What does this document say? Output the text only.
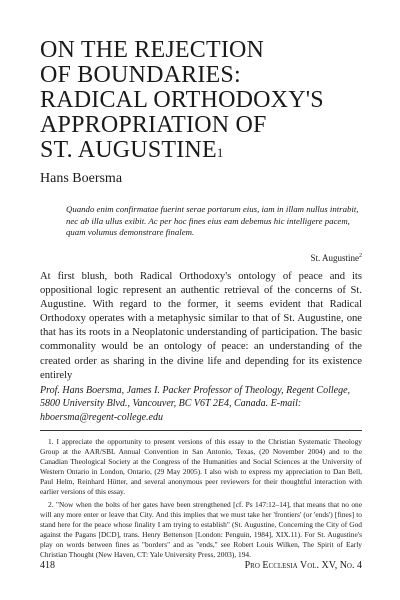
ON THE REJECTION
OF BOUNDARIES:
RADICAL ORTHODOXY'S
APPROPRIATION OF
ST. AUGUSTINE$^1$
Hans Boersma
Quando enim confirmatae fuerint serae portarum eius, iam in illam nullus intrabit, nec ab illa ullus exibit. Ac per hoc fines eius eam debemus hic intelligere pacem, quam volumus demonstrare finalem.
St. Augustine$^2$
At first blush, both Radical Orthodoxy's ontology of peace and its oppositional logic represent an authentic retrieval of the concerns of St. Augustine. With regard to the former, it seems evident that Radical Orthodoxy operates with a metaphysic similar to that of St. Augustine, one that has its roots in a Neoplatonic understanding of participation. The basic commonality would be an ontology of peace: an understanding of the created order as sharing in the divine life and depending for its existence entirely
Prof. Hans Boersma, James I. Packer Professor of Theology, Regent College, 5800 University Blvd., Vancouver, BC V6T 2E4, Canada. E-mail: hboersma@regent-college.edu

1. I appreciate the opportunity to present versions of this essay to the Christian Systematic Theology Group at the AAR/SBL Annual Convention in San Antonio, Texas, (20 November 2004) and to the Canadian Theological Society at the Congress of the Humanities and Social Sciences at the University of Western Ontario in London, Ontario, (29 May 2005). I also wish to express my appreciation to Dan Bell, Paul Helm, Reinhard Hütter, and several anonymous peer reviewers for their thoughtful interaction with earlier versions of this essay.

2. "Now when the bolts of her gates have been strengthened [cf. Ps 147:12–14], that means that no one will any more enter or leave that City. And this implies that we must take her 'frontiers' (or 'ends') [fines] to stand here for the peace whose finality I am trying to establish" (St. Augustine, Concerning the City of God against the Pagans [DCD], trans. Henry Bettenson [London: Penguin, 1984], XIX.11). For St. Augustine's play on words between fines as "borders" and as "ends," see Robert Louis Wilken, The Spirit of Early Christian Thought (New Haven, CT: Yale University Press, 2003), 194.

418	Pro Ecclesia Vol. XV, No. 4
